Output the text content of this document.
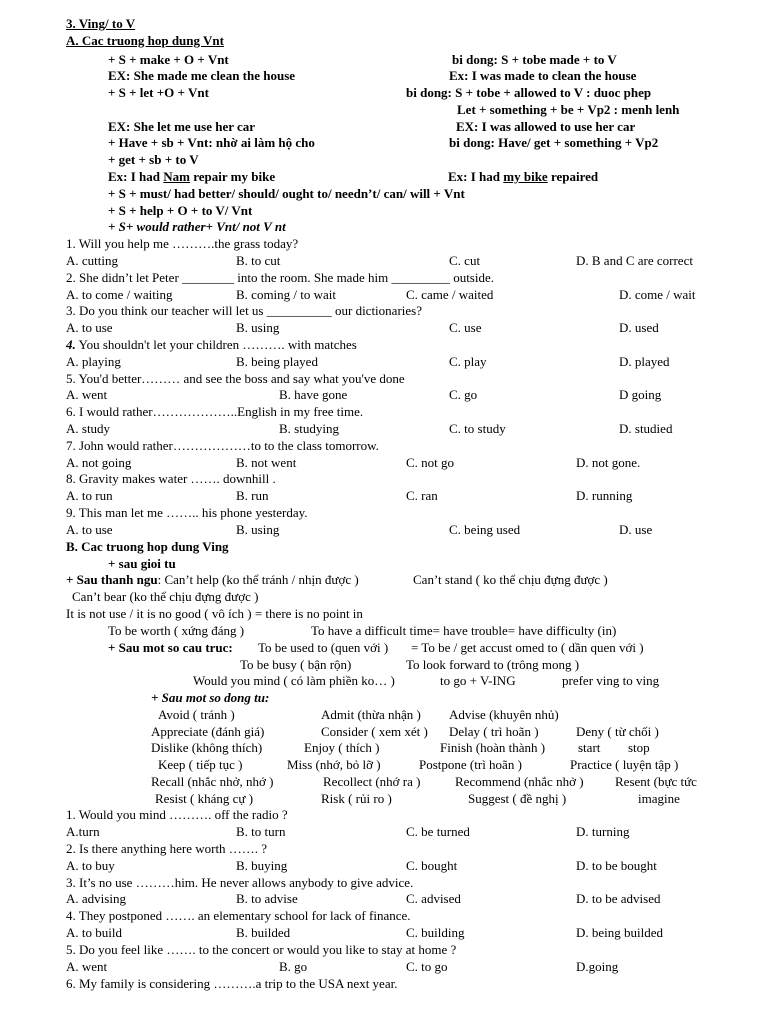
3. Ving/ to V
A. Cac truong hop dung Vnt
+ S + make + O + Vnt	bi dong: S + tobe made + to V
EX: She made me clean the house	Ex: I was made to clean the house
+ S + let +O + Vnt	bi dong: S + tobe + allowed to V : duoc phep
Let + something + be + Vp2 : menh lenh
EX: She let me use her car	EX: I was allowed to use her car
+ Have + sb + Vnt: nhờ ai làm hộ cho	bi dong: Have/ get + something + Vp2
+ get + sb + to V
Ex: I had Nam repair my bike	Ex: I had my bike repaired
+ S + must/ had better/ should/ ought to/ needn’t/ can/ will + Vnt
+ S + help + O + to V/ Vnt
+ S+ would rather+ Vnt/ not V nt
1. Will you help me ……….the grass today?
A. cutting	B. to cut	C. cut	D. B and C are correct
2. She didn’t let Peter ________ into the room. She made him _________ outside.
A. to come / waiting	B. coming / to wait	C. came / waited	D. come / wait
3. Do you think our teacher will let us __________ our dictionaries?
A. to use	B. using	C. use	D. used
4. You shouldn't let your children ………. with matches
A. playing	B. being played	C. play	D. played
5. You'd better……… and see the boss and say what you've done
A. went	B. have gone	C. go	D going
6. I would rather………………..English in my free time.
A. study	B. studying	C. to study	D. studied
7. John would rather………………to to the class tomorrow.
A. not going	B. not went	C. not go	D. not gone.
8. Gravity makes water ……. downhill .
A. to run	B. run	C. ran	D. running
9. This man let me …….. his phone yesterday.
A. to use	B. using	C. being used	D. use
B. Cac truong hop dung Ving
+ sau gioi tu
+ Sau thanh ngu: Can’t help (ko thể tránh / nhịn được )	Can’t stand ( ko thể chịu đựng được )
Can’t bear (ko thể chịu đựng được )
It is not use / it is no good ( vô ích ) = there is no point in
To be worth ( xứng đáng )	To have a difficult time= have trouble= have difficulty (in)
+ Sau mot so cau truc: To be used to (quen với ) = To be / get accust omed to ( dần quen với )
To be busy ( bận rộn)	To look forward to (trông mong )
Would you mind ( có làm phiền ko… )	to go + V-ING	prefer ving to ving
+ Sau mot so dong tu:
Avoid ( tránh )	Admit (thừa nhận ) Advise (khuyên nhủ)
Appreciate (đánh giá)	Consider ( xem xét ) Delay ( trì hoãn )	Deny ( từ chối )
Dislike (không thích)	Enjoy ( thích )	Finish (hoàn thành )	start stop
Keep ( tiếp tục )	Miss (nhớ, bỏ lỡ )	Postpone (trì hoãn )	Practice ( luyện tập )
Recall (nhắc nhở, nhớ )	Recollect (nhớ ra )	Recommend (nhắc nhở ) Resent (bực tức
Resist ( kháng cự )	Risk ( rủi ro )	Suggest ( đề nghị )	imagine
1. Would you mind ………. off the radio ?
A.turn	B. to turn	C. be turned	D. turning
2. Is there anything here worth ……. ?
A. to buy	B. buying	C. bought	D. to be bought
3. It’s no use ………him. He never allows anybody to give advice.
A. advising	B. to advise	C. advised	D. to be advised
4. They postponed ……. an elementary school for lack of finance.
A. to build	B. builded	C. building	D. being builded
5. Do you feel like ……. to the concert or would you like to stay at home ?
A. went	B. go	C. to go	D.going
6. My family is considering ……….a trip to the USA next year.
